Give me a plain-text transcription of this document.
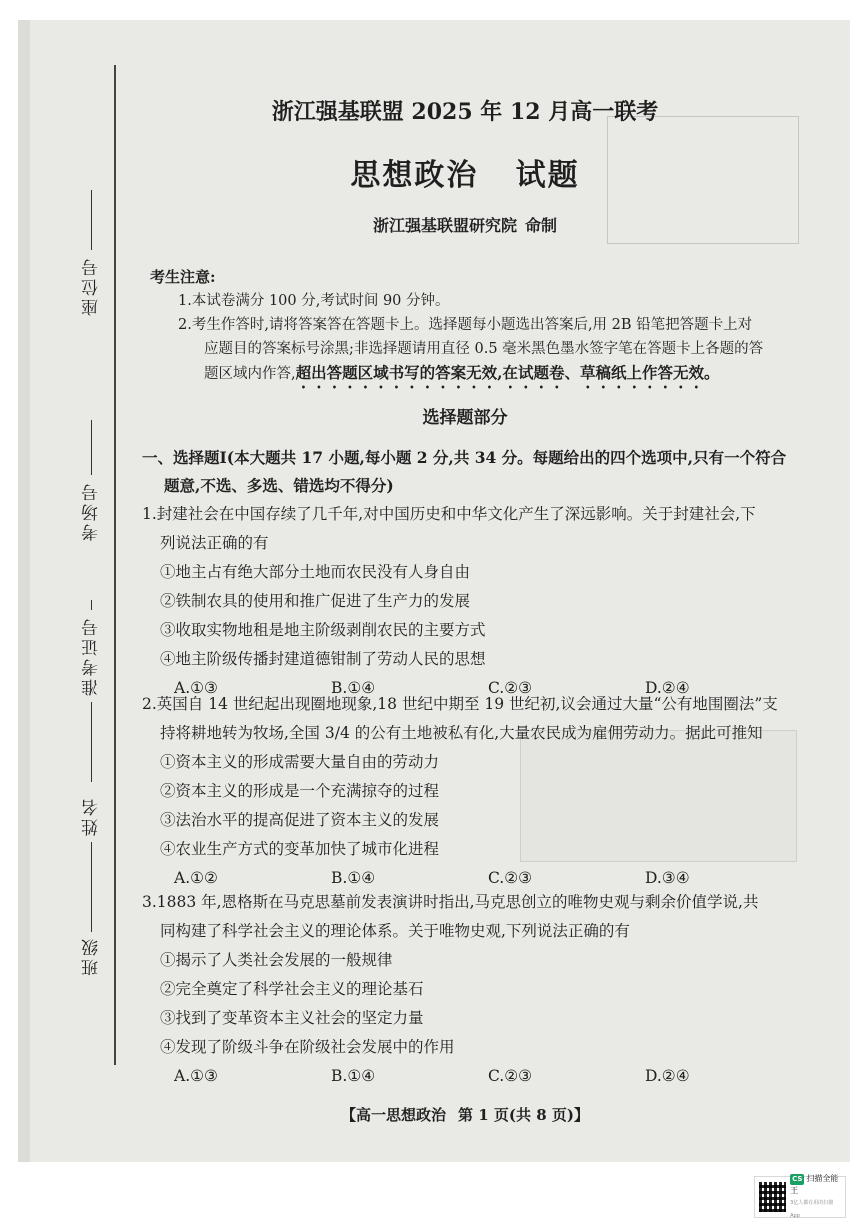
座位号
考场号
准考证号
姓名
班级
浙江强基联盟 2025 年 12 月高一联考
思想政治 试题
浙江强基联盟研究院 命制
考生注意:
1.本试卷满分 100 分,考试时间 90 分钟。
2.考生作答时,请将答案答在答题卡上。选择题每小题选出答案后,用 2B 铅笔把答题卡上对
应题目的答案标号涂黑;非选择题请用直径 0.5 毫米黑色墨水签字笔在答题卡上各题的答
题区域内作答,超出答题区域书写的答案无效,在试题卷、草稿纸上作答无效。
选择题部分
一、选择题Ⅰ(本大题共 17 小题,每小题 2 分,共 34 分。每题给出的四个选项中,只有一个符合
题意,不选、多选、错选均不得分)
1.封建社会在中国存续了几千年,对中国历史和中华文化产生了深远影响。关于封建社会,下
列说法正确的有
①地主占有绝大部分土地而农民没有人身自由
②铁制农具的使用和推广促进了生产力的发展
③收取实物地租是地主阶级剥削农民的主要方式
④地主阶级传播封建道德钳制了劳动人民的思想
A.①③	B.①④	C.②③	D.②④
2.英国自 14 世纪起出现圈地现象,18 世纪中期至 19 世纪初,议会通过大量“公有地围圈法”支
持将耕地转为牧场,全国 3/4 的公有土地被私有化,大量农民成为雇佣劳动力。据此可推知
①资本主义的形成需要大量自由的劳动力
②资本主义的形成是一个充满掠夺的过程
③法治水平的提高促进了资本主义的发展
④农业生产方式的变革加快了城市化进程
A.①②	B.①④	C.②③	D.③④
3.1883 年,恩格斯在马克思墓前发表演讲时指出,马克思创立的唯物史观与剩余价值学说,共
同构建了科学社会主义的理论体系。关于唯物史观,下列说法正确的有
①揭示了人类社会发展的一般规律
②完全奠定了科学社会主义的理论基石
③找到了变革资本主义社会的坚定力量
④发现了阶级斗争在阶级社会发展中的作用
A.①③	B.①④	C.②③	D.②④
【高一思想政治 第 1 页(共 8 页)】
CS 扫描全能王
3亿人都在用的扫描App
